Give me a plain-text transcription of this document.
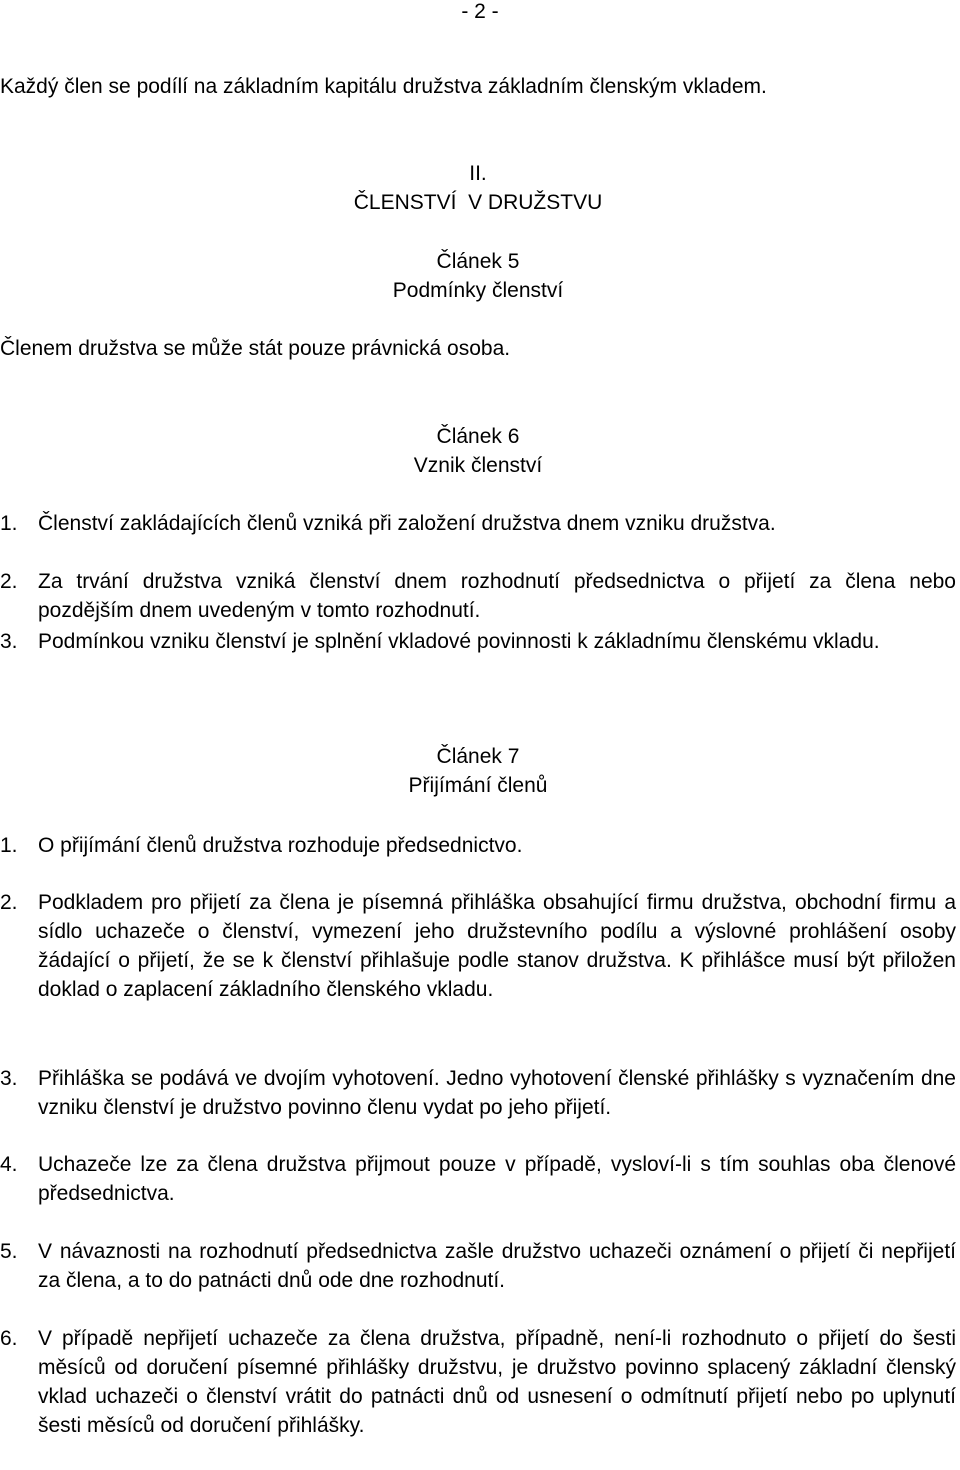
- 2 -
Každý člen se podílí na základním kapitálu družstva základním členským vkladem.
II.
ČLENSTVÍ  V DRUŽSTVU
Článek 5
Podmínky členství
Členem družstva se může stát pouze právnická osoba.
Článek 6
Vznik členství
1. Členství zakládajících členů vzniká při založení družstva dnem vzniku družstva.
2. Za trvání družstva vzniká členství dnem rozhodnutí předsednictva o přijetí za člena nebo pozdějším dnem uvedeným v tomto rozhodnutí.
3. Podmínkou vzniku členství je splnění vkladové povinnosti k základnímu členskému vkladu.
Článek 7
Přijímání členů
1. O přijímání členů družstva rozhoduje předsednictvo.
2. Podkladem pro přijetí za člena je písemná přihláška obsahující firmu družstva, obchodní firmu a sídlo uchazeče o členství, vymezení jeho družstevního podílu a výslovné prohlášení osoby žádající o přijetí, že se k členství přihlašuje podle stanov družstva. K přihlášce musí být přiložen doklad o zaplacení základního členského vkladu.
3. Přihláška se podává ve dvojím vyhotovení. Jedno vyhotovení členské přihlášky s vyznačením dne vzniku členství je družstvo povinno členu vydat po jeho přijetí.
4. Uchazeče lze za člena družstva přijmout pouze v případě, vysloví-li s tím souhlas oba členové předsednictva.
5. V návaznosti na rozhodnutí předsednictva zašle družstvo uchazeči oznámení o přijetí či nepřijetí za člena, a to do patnácti dnů ode dne rozhodnutí.
6. V případě nepřijetí uchazeče za člena družstva, případně, není-li rozhodnuto o přijetí do šesti měsíců od doručení písemné přihlášky družstvu, je družstvo povinno splacený základní členský vklad uchazeči o členství vrátit do patnácti dnů od usnesení o odmítnutí přijetí nebo po uplynutí šesti měsíců od doručení přihlášky.
